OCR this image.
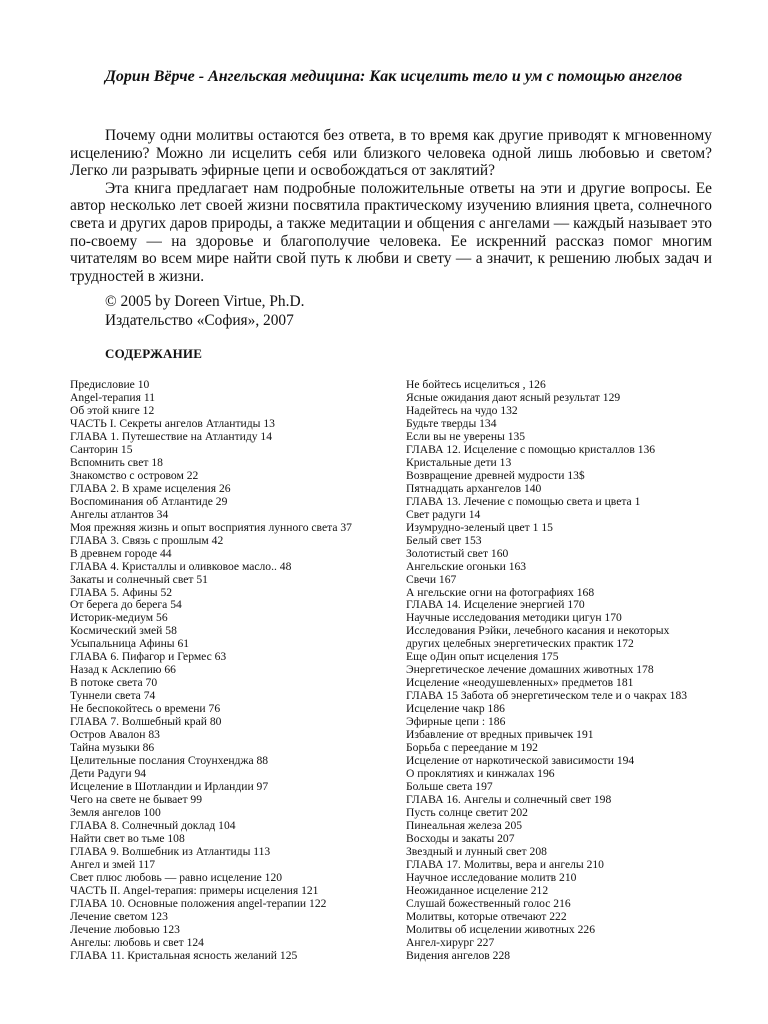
Дорин Вёрче - Ангельская медицина: Как исцелить тело и ум с помощью ангелов

Почему одни молитвы остаются без ответа, в то время как другие приводят к мгновенному исцелению? Можно ли исцелить себя или близкого человека одной лишь любовью и светом? Легко ли разрывать эфирные цепи и освобождаться от заклятий?

Эта книга предлагает нам подробные положительные ответы на эти и другие вопросы. Ее автор несколько лет своей жизни посвятила практическому изучению влияния цвета, солнечного света и других даров природы, а также медитации и общения с ангелами — каждый называет это по-своему — на здоровье и благополучие человека. Ее искренний рассказ помог многим читателям во всем мире найти свой путь к любви и свету — а значит, к решению любых задач и трудностей в жизни.

© 2005 by Doreen Virtue, Ph.D.
Издательство «София», 2007
СОДЕРЖАНИЕ
Предисловие 10
Angel-терапия 11
Об этой книге 12
ЧАСТЬ I. Секреты ангелов Атлантиды 13
ГЛАВА 1. Путешествие на Атлантиду 14
Санторин 15
Вспомнить свет 18
Знакомство с островом 22
ГЛАВА 2. В храме исцеления 26
Воспоминания об Атлантиде 29
Ангелы атлантов 34
Моя прежняя жизнь и опыт восприятия лунного света 37
ГЛАВА 3. Связь с прошлым 42
В древнем городе 44
ГЛАВА 4. Кристаллы и оливковое масло.. 48
Закаты и солнечный свет 51
ГЛАВА 5. Афины 52
От берега до берега 54
Историк-медиум 56
Космический змей 58
Усыпальница Афины 61
ГЛАВА 6. Пифагор и Гермес 63
Назад к Асклепию 66
В потоке света 70
Туннели света 74
Не беспокойтесь о времени 76
ГЛАВА 7. Волшебный край 80
Остров Авалон 83
Тайна музыки 86
Целительные послания Стоунхенджа 88
Дети Радуги 94
Исцеление в Шотландии и Ирландии 97
Чего на свете не бывает 99
Земля ангелов 100
ГЛАВА 8. Солнечный доклад 104
Найти свет во тьме 108
ГЛАВА 9. Волшебник из Атлантиды 113
Ангел и змей 117
Свет плюс любовь — равно исцеление 120
ЧАСТЬ II. Angel-терапия: примеры исцеления 121
ГЛАВА 10. Основные положения angel-терапии 122
Лечение светом 123
Лечение любовью 123
Ангелы: любовь и свет 124
ГЛАВА 11. Кристальная ясность желаний 125
Не бойтесь исцелиться , 126
Ясные ожидания дают ясный результат 129
Надейтесь на чудо 132
Будьте тверды 134
Если вы не уверены 135
ГЛАВА 12. Исцеление с помощью кристаллов 136
Кристальные дети 13
Возвращение древней мудрости 13$
Пятнадцать архангелов 140
ГЛАВА 13. Лечение с помощью света и цвета 1
Свет радуги 14
Изумрудно-зеленый цвет 1 15
Белый свет 153
Золотистый свет 160
Ангельские огоньки 163
Свечи 167
А нгельские огни на фотографиях 168
ГЛАВА 14. Исцеление энергией 170
Научные исследования методики цигун 170
Исследования Рэйки, лечебного касания и некоторых
других целебных энергетических практик 172
Еще оДин опыт исцеления 175
Энергетическое лечение домашних животных 178
Исцеление «неодушевленных» предметов 181
ГЛАВА 15 Забота об энергетическом теле и о чакрах 183
Исцеление чакр 186
Эфирные цепи : 186
Избавление от вредных привычек 191
Борьба с переедание м 192
Исцеление от наркотической зависимости 194
О проклятиях и кинжалах 196
Больше света 197
ГЛАВА 16. Ангелы и солнечный свет 198
Пусть солнце светит 202
Пинеальная железа 205
Восходы и закаты 207
Звездный и лунный свет 208
ГЛАВА 17. Молитвы, вера и ангелы 210
Научное исследование молитв 210
Неожиданное исцеление 212
Слушай божественный голос 216
Молитвы, которые отвечают 222
Молитвы об исцелении животных 226
Ангел-хирург 227
Видения ангелов 228
